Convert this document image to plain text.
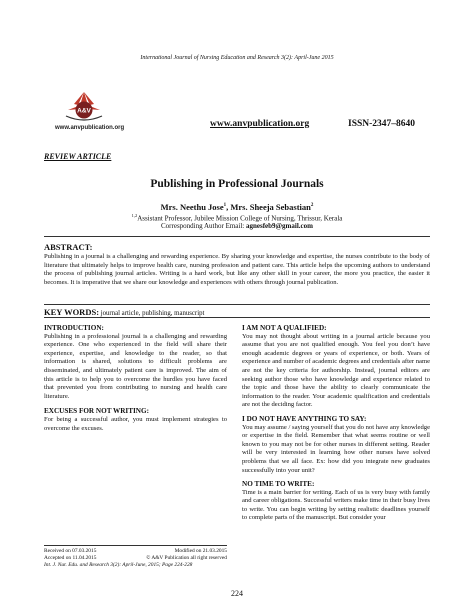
International Journal of Nursing Education and Research 3(2): April-June 2015
A&V
www.anvpublication.org	www.anvpublication.org	ISSN-2347–8640
REVIEW ARTICLE
Publishing in Professional Journals
Mrs. Neethu Jose$^1$, Mrs. Sheeja Sebastian$^2$
$^{1,2}$Assistant Professor, Jubilee Mission College of Nursing, Thrissur, Kerala
Corresponding Author Email: agnesfeb9@gmail.com
ABSTRACT:
Publishing in a journal is a challenging and rewarding experience. By sharing your knowledge and expertise, the nurses contribute to the body of literature that ultimately helps to improve health care, nursing profession and patient care. This article helps the upcoming authors to understand the process of publishing journal articles. Writing is a hard work, but like any other skill in your career, the more you practice, the easier it becomes. It is imperative that we share our knowledge and experiences with others through journal publication.
KEY WORDS: journal article, publishing, manuscript

INTRODUCTION:

Publishing in a professional journal is a challenging and rewarding experience. One who experienced in the field will share their experience, expertise, and knowledge to the reader, so that information is shared, solutions to difficult problems are disseminated, and ultimately patient care is improved. The aim of this article is to help you to overcome the hurdles you have faced that prevented you from contributing to nursing and health care literature.

EXCUSES FOR NOT WRITING:

For being a successful author, you must implement strategies to overcome the excuses.

I AM NOT A QUALIFIED:

You may not thought about writing in a journal article because you assume that you are not qualified enough. You feel you don’t have enough academic degrees or years of experience, or both. Years of experience and number of academic degrees and credentials after name are not the key criteria for authorship. Instead, journal editors are seeking author those who have knowledge and experience related to the topic and those have the ability to clearly communicate the information to the reader. Your academic qualification and credentials are not the deciding factor.

I DO NOT HAVE ANYTHING TO SAY:

You may assume / saying yourself that you do not have any knowledge or expertise in the field. Remember that what seems routine or well known to you may not be for other nurses in different setting. Reader will be very interested in learning how other nurses have solved problems that we all face. Ex: how did you integrate new graduates successfully into your unit?

NO TIME TO WRITE:

Time is a main barrier for writing. Each of us is very busy with family and career obligations. Successful writers make time in their busy lives to write. You can begin writing by setting realistic deadlines yourself to complete parts of the manuscript. But consider your

Received on 07.03.2015	Modified on 21.03.2015
Accepted on 11.04.2015	© A&V Publication all right reserved
Int. J. Nur. Edu. and Research 3(2): April-June, 2015; Page 224-228
224
